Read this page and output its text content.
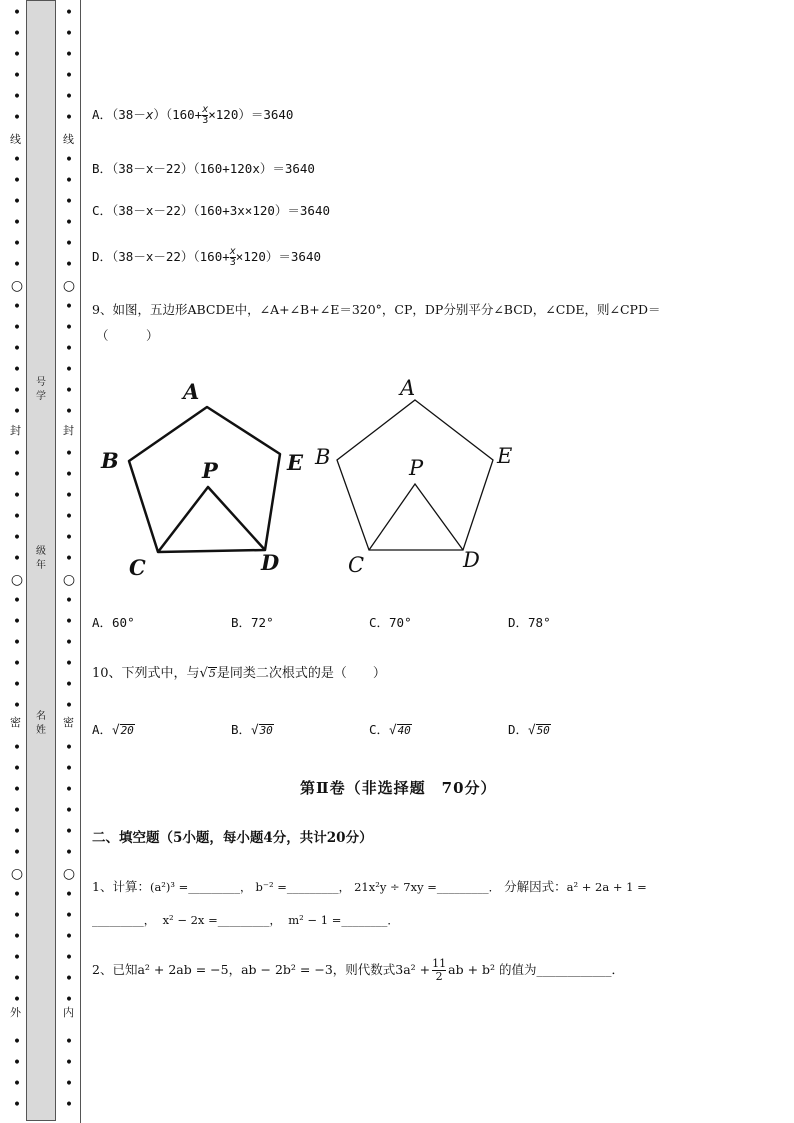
•
•
•
•
•
•
•
•
•
•
•
•
○
•
•
•
•
•
•
•
•
•
•
•
•
○
•
•
•
•
•
•
•
•
•
•
•
•
○
•
•
•
•
•
•
•
•
•
•
•
•
•
•
•
•
•
•
•
•
•
•
○
•
•
•
•
•
•
•
•
•
•
•
•
○
•
•
•
•
•
•
•
•
•
•
•
•
○
•
•
•
•
•
•
•
•
•
•
线
封
密
外
线
封
密
内
号学
级年
名姓
A．$(38-x)(160+ \frac{x}{3} \times 120)=3640$
B．（38－x－22）（160+120x）＝3640
C．（38－x－22）（160+3x×120）＝3640
D．$(38-x-22)(160+ \frac{x}{3} \times 120)=3640$
9、如图，五边形ABCDE中，∠A+∠B+∠E＝320°，CP，DP分别平分∠BCD，∠CDE，则∠CPD＝
（　　　）
A
B
C	D
E
P
A
B
C	D
E
P
A．60°	B．72°	C．70°	D．78°
10、下列式中，与√5是同类二次根式的是（　　）
A．√20	B．√30	C．√40	D．√50
第Ⅱ卷（非选择题　70分）
二、填空题（5小题，每小题4分，共计20分）
1、计算：(a²)³ =_________， b⁻² =_________， 21x²y ÷ 7xy =_________． 分解因式：a² + 2a + 1 =
_________， x² − 2x =_________， m² − 1 =________．
2、已知a² + 2ab = −5，ab − 2b² = −3，则代数式$3a^2 + \frac{11}{2}$ ab + b² 的值为____________．
